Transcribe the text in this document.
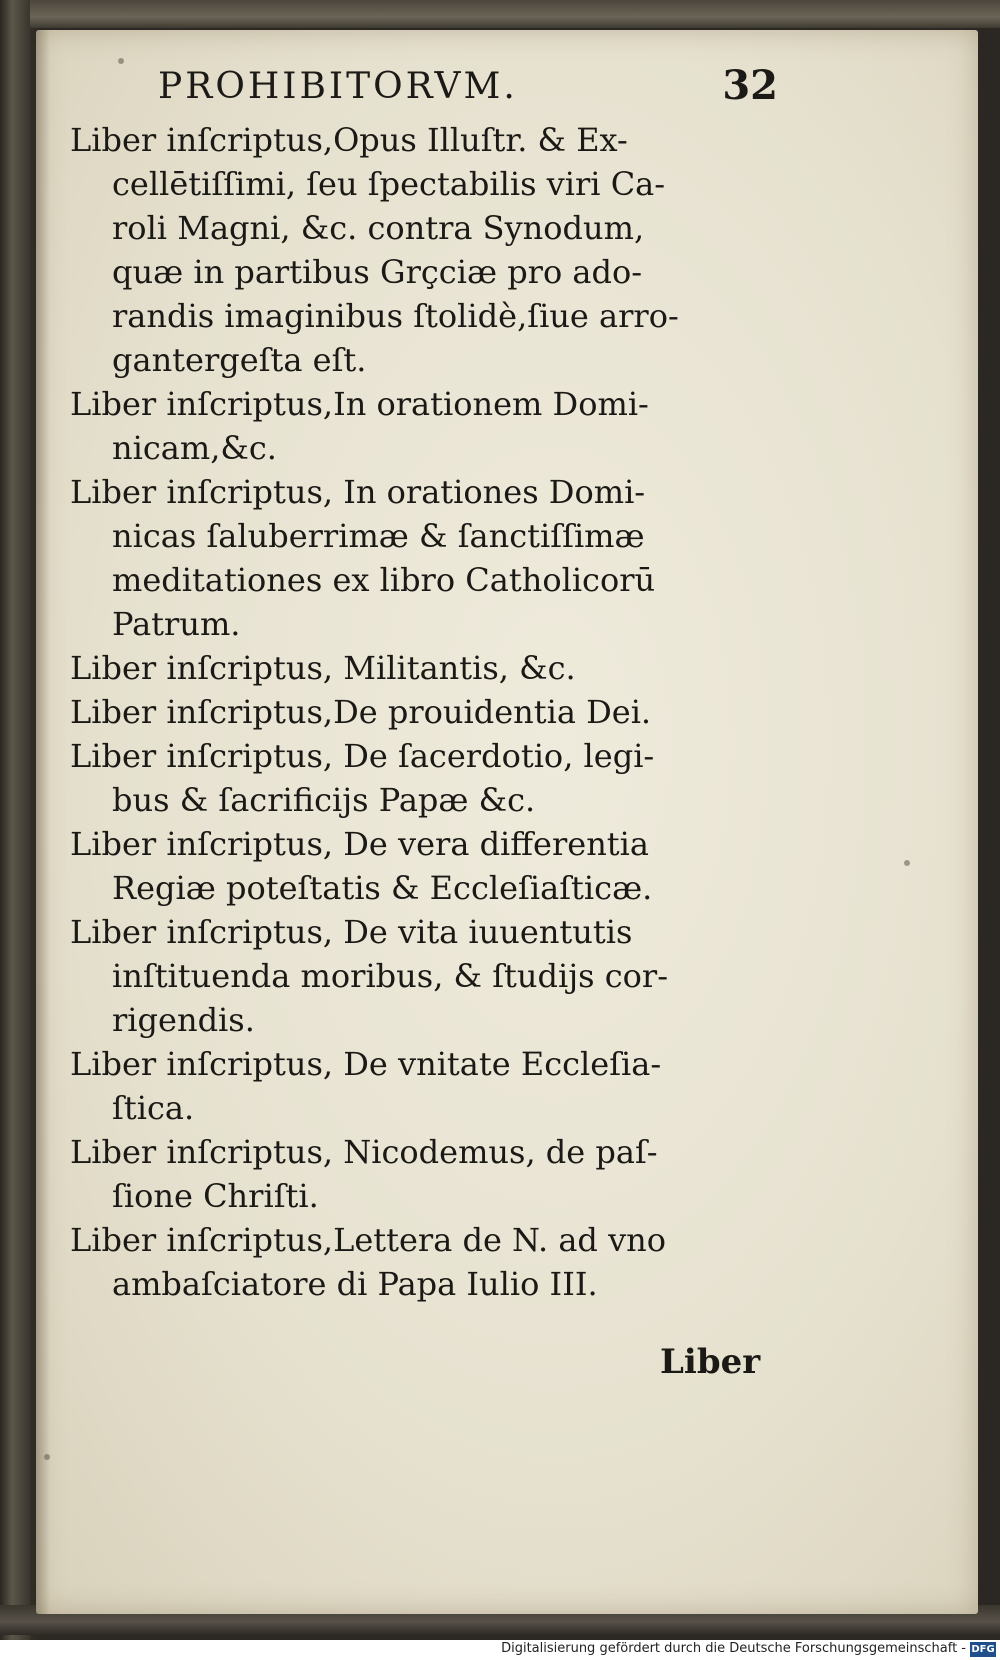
PROHIBITORVM.	32
Liber inſcriptus,Opus Illuſtr. & Ex-
cellētiſſimi, ſeu ſpectabilis viri Ca-
roli Magni, &c. contra Synodum,
quæ in partibus Grçciæ pro ado-
randis imaginibus ſtolidè,ſiue arro-
gantergeſta eſt.
Liber inſcriptus,In orationem Domi-
nicam,&c.
Liber inſcriptus, In orationes Domi-
nicas ſaluberrimæ & ſanctiſſimæ
meditationes ex libro Catholicorū
Patrum.
Liber inſcriptus, Militantis, &c.
Liber inſcriptus,De prouidentia Dei.
Liber inſcriptus, De ſacerdotio, legi-
bus & ſacrificijs Papæ &c.
Liber inſcriptus, De vera differentia
Regiæ poteſtatis & Eccleſiaſticæ.
Liber inſcriptus, De vita iuuentutis
inſtituenda moribus, & ſtudijs cor-
rigendis.
Liber inſcriptus, De vnitate Eccleſia-
ſtica.
Liber inſcriptus, Nicodemus, de paſ-
ſione Chriſti.
Liber inſcriptus,Lettera de N. ad vno
ambaſciatore di Papa Iulio III.
Liber
Digitalisierung gefördert durch die Deutsche Forschungsgemeinschaft - DFG
